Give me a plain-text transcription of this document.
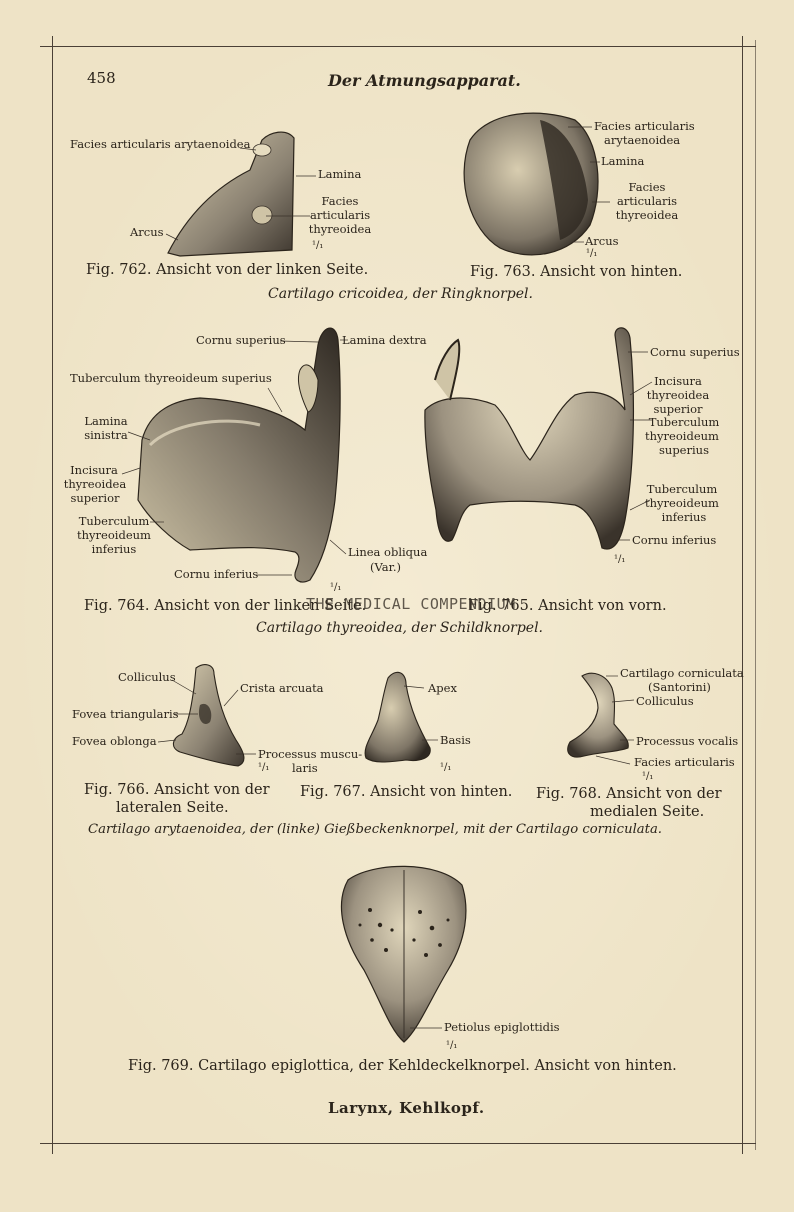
458	Der Atmungsapparat.
Facies articularis arytaenoidea
Lamina
Facies
articularis
thyreoidea
Arcus
¹/₁
Fig. 762. Ansicht von der linken Seite.
Facies articularis
arytaenoidea
Lamina
Facies
articularis
thyreoidea
Arcus
¹/₁
Fig. 763. Ansicht von hinten.
Cartilago cricoidea, der Ringknorpel.
Cornu superius	Lamina dextra
Tuberculum thyreoideum superius
Lamina
sinistra
Incisura
thyreoidea
superior
Tuberculum
thyreoideum
inferius	Linea obliqua
(Var.)
Cornu inferius
¹/₁
Fig. 764. Ansicht von der linken Seite.
Cornu superius
Incisura
thyreoidea
superior
Tuberculum
thyreoideum
superius
Tuberculum
thyreoideum
inferius
Cornu inferius
¹/₁
Fig. 765. Ansicht von vorn.
THE MEDICAL COMPENDIUM
Cartilago thyreoidea, der Schildknorpel.
Colliculus
Crista arcuata
Fovea triangularis
Fovea oblonga
Processus muscu-
laris
¹/₁
Fig. 766. Ansicht von der
lateralen Seite.
Apex
Basis
¹/₁
Fig. 767. Ansicht von hinten.
Cartilago corniculata
(Santorini)
Colliculus
Processus vocalis
Facies articularis
¹/₁
Fig. 768. Ansicht von der
medialen Seite.
Cartilago arytaenoidea, der (linke) Gießbeckenknorpel, mit der Cartilago corniculata.
Petiolus epiglottidis
¹/₁
Fig. 769. Cartilago epiglottica, der Kehldeckelknorpel. Ansicht von hinten.
Larynx, Kehlkopf.
